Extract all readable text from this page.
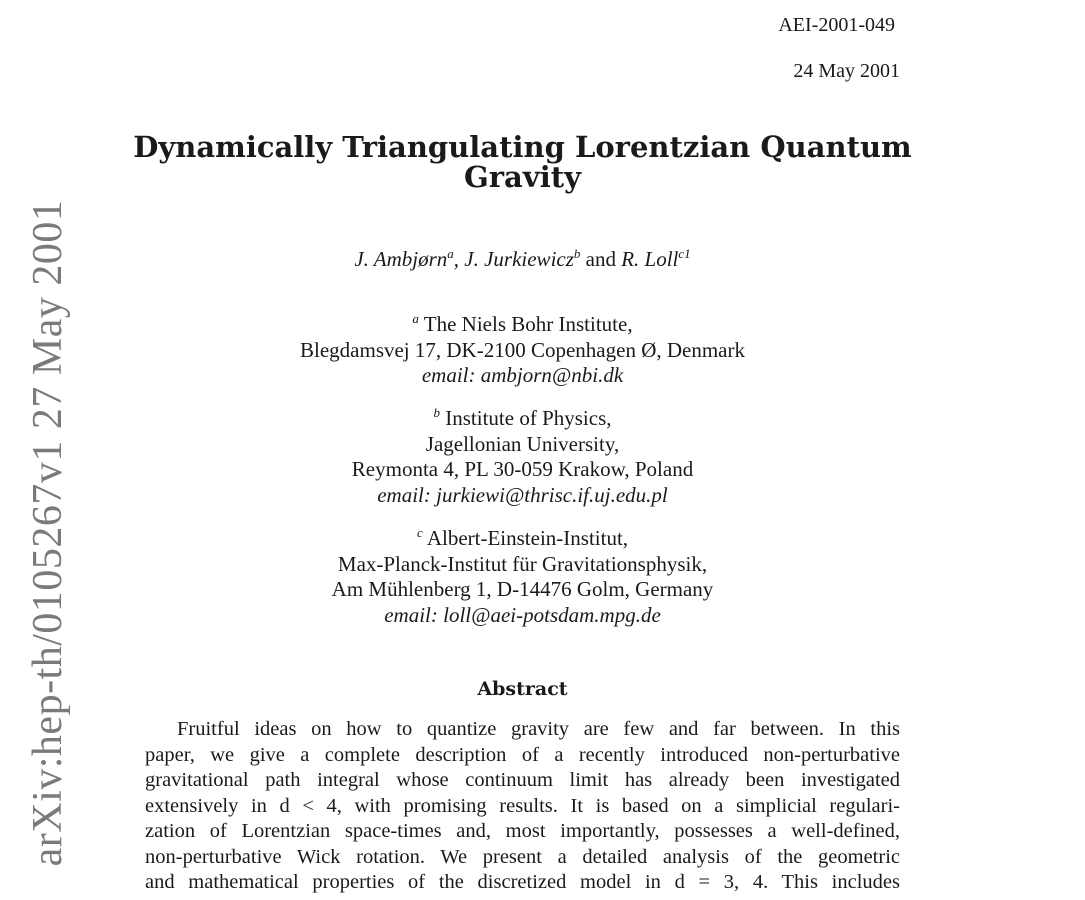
AEI-2001-049
24 May 2001
arXiv:hep-th/0105267v1 27 May 2001
Dynamically Triangulating Lorentzian Quantum
Gravity
J. Ambjørn$^a$, J. Jurkiewicz$^b$ and R. Loll$^{c1}$
$^a$ The Niels Bohr Institute,
Blegdamsvej 17, DK-2100 Copenhagen Ø, Denmark
email: ambjorn@nbi.dk
$^b$ Institute of Physics,
Jagellonian University,
Reymonta 4, PL 30-059 Krakow, Poland
email: jurkiewi@thrisc.if.uj.edu.pl
$^c$ Albert-Einstein-Institut,
Max-Planck-Institut für Gravitationsphysik,
Am Mühlenberg 1, D-14476 Golm, Germany
email: loll@aei-potsdam.mpg.de
Abstract
Fruitful ideas on how to quantize gravity are few and far between. In this
paper, we give a complete description of a recently introduced non-perturbative
gravitational path integral whose continuum limit has already been investigated
extensively in d < 4, with promising results. It is based on a simplicial regulari-
zation of Lorentzian space-times and, most importantly, possesses a well-defined,
non-perturbative Wick rotation. We present a detailed analysis of the geometric
and mathematical properties of the discretized model in d = 3, 4. This includes
